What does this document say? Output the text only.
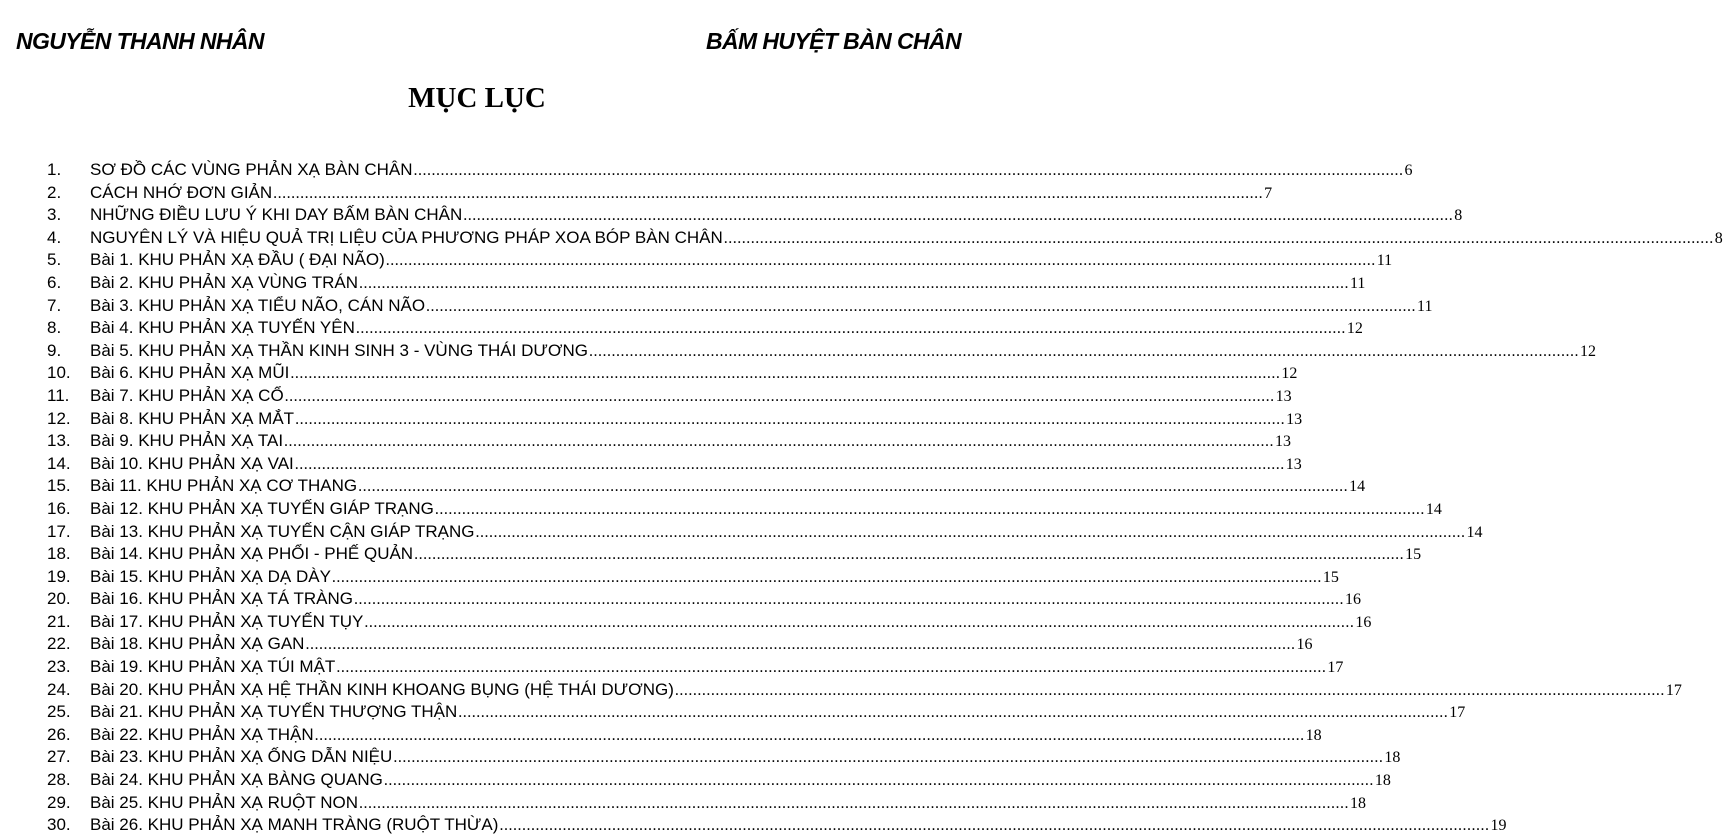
NGUYỄN THANH NHÂN	BẤM HUYỆT BÀN CHÂN
MỤC LỤC
1.	SƠ ĐỒ CÁC VÙNG PHẢN XẠ BÀN CHÂN ............................................................................................................................................................................................................................ 6
2.	CÁCH NHỚ ĐƠN GIẢN ............................................................................................................................................................................................................................ 7
3.	NHỮNG ĐIỀU LƯU Ý KHI DAY BẤM BÀN CHÂN ............................................................................................................................................................................................................................ 8
4.	NGUYÊN LÝ VÀ HIỆU QUẢ TRỊ LIỆU CỦA PHƯƠNG PHÁP XOA BÓP BÀN CHÂN ............................................................................................................................................................................................................................ 8
5.	Bài 1. KHU PHẢN XẠ ĐẦU ( ĐẠI NÃO) ............................................................................................................................................................................................................................ 11
6.	Bài 2. KHU PHẢN XẠ VÙNG TRÁN ............................................................................................................................................................................................................................ 11
7.	Bài 3. KHU PHẢN XẠ TIỂU NÃO, CÁN NÃO ............................................................................................................................................................................................................................ 11
8.	Bài 4. KHU PHẢN XẠ TUYẾN YÊN ............................................................................................................................................................................................................................ 12
9.	Bài 5. KHU PHẢN XẠ THẦN KINH SINH 3 - VÙNG THÁI DƯƠNG ............................................................................................................................................................................................................................ 12
10.	Bài 6. KHU PHẢN XẠ MŨI ............................................................................................................................................................................................................................ 12
11.	Bài 7. KHU PHẢN XẠ CỔ ............................................................................................................................................................................................................................ 13
12.	Bài 8. KHU PHẢN XẠ MẮT ............................................................................................................................................................................................................................ 13
13.	Bài 9. KHU PHẢN XẠ TAI ............................................................................................................................................................................................................................ 13
14.	Bài 10. KHU PHẢN XẠ VAI ............................................................................................................................................................................................................................ 13
15.	Bài 11. KHU PHẢN XẠ CƠ THANG ............................................................................................................................................................................................................................ 14
16.	Bài 12. KHU PHẢN XẠ TUYẾN GIÁP TRẠNG ............................................................................................................................................................................................................................ 14
17.	Bài 13. KHU PHẢN XẠ TUYẾN CẬN GIÁP TRẠNG ............................................................................................................................................................................................................................ 14
18.	Bài 14. KHU PHẢN XẠ PHỔI - PHẾ QUẢN ............................................................................................................................................................................................................................ 15
19.	Bài 15. KHU PHẢN XẠ DẠ DÀY ............................................................................................................................................................................................................................ 15
20.	Bài 16. KHU PHẢN XẠ TÁ TRÀNG ............................................................................................................................................................................................................................ 16
21.	Bài 17. KHU PHẢN XẠ TUYẾN TỤY ............................................................................................................................................................................................................................ 16
22.	Bài 18. KHU PHẢN XẠ GAN ............................................................................................................................................................................................................................ 16
23.	Bài 19. KHU PHẢN XẠ TÚI MẬT ............................................................................................................................................................................................................................ 17
24.	Bài 20. KHU PHẢN XẠ HỆ THẦN KINH KHOANG BỤNG (HỆ THÁI DƯƠNG) ............................................................................................................................................................................................................................ 17
25.	Bài 21. KHU PHẢN XẠ TUYẾN THƯỢNG THẬN ............................................................................................................................................................................................................................ 17
26.	Bài 22. KHU PHẢN XẠ THẬN ............................................................................................................................................................................................................................ 18
27.	Bài 23. KHU PHẢN XẠ ỐNG DẪN NIỆU ............................................................................................................................................................................................................................ 18
28.	Bài 24. KHU PHẢN XẠ BÀNG QUANG ............................................................................................................................................................................................................................ 18
29.	Bài 25. KHU PHẢN XẠ RUỘT NON ............................................................................................................................................................................................................................ 18
30.	Bài 26. KHU PHẢN XẠ MANH TRÀNG (RUỘT THỪA) ............................................................................................................................................................................................................................ 19
